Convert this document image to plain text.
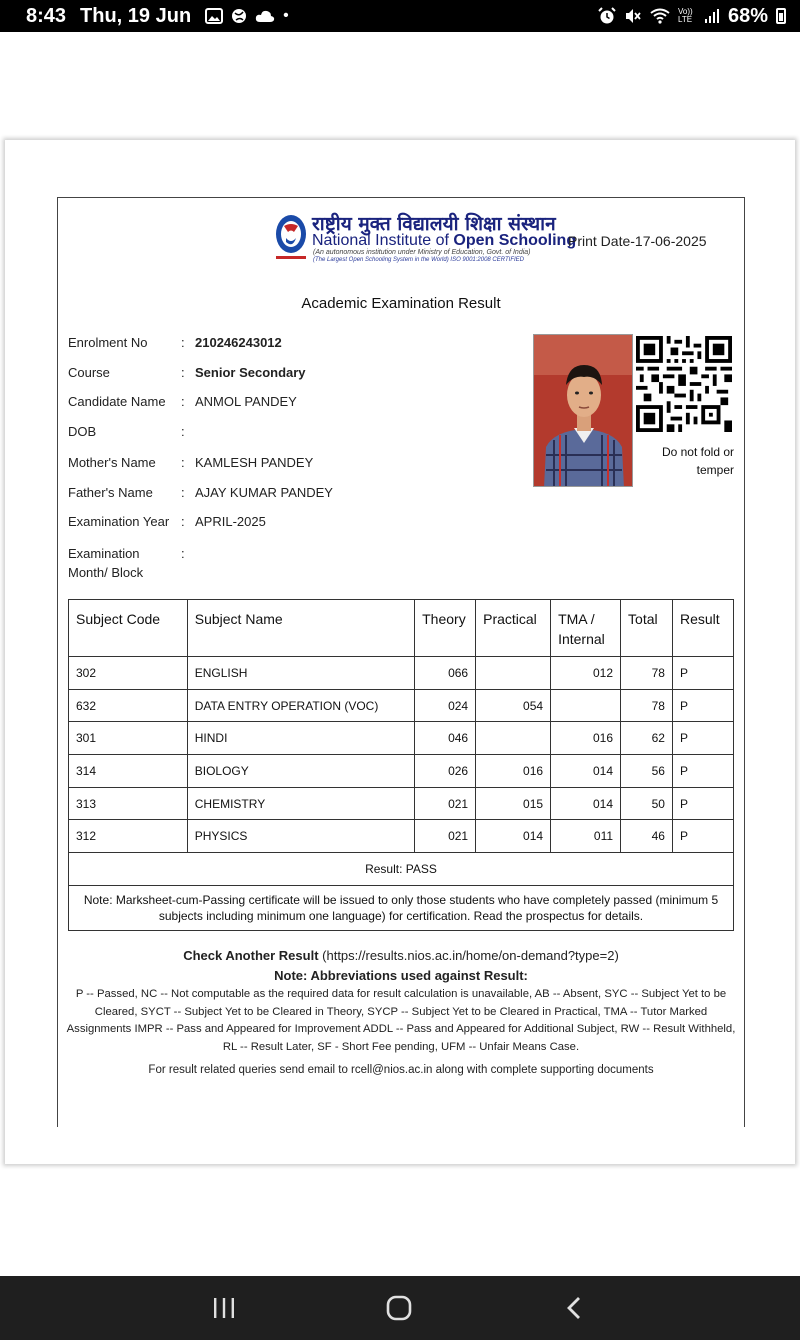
8:43 Thu, 19 Jun	•	Vo)) LTE 68%
राष्ट्रीय मुक्त विद्यालयी शिक्षा संस्थान
National Institute of Open Schooling
(An autonomous institution under Ministry of Education, Govt. of India)
(The Largest Open Schooling System in the World) ISO 9001:2008 CERTIFIED
Print Date-17-06-2025
Academic Examination Result
Enrolment No	: 210246243012
Course	: Senior Secondary
Candidate Name	: ANMOL PANDEY
DOB	:
Mother's Name	: KAMLESH PANDEY
Father's Name	: AJAY KUMAR PANDEY
Examination Year : APRIL-2025
Examination
Month/ Block
:
Do not fold or temper
Subject Code	Subject Name	Theory	Practical	TMA /
Internal	Total	Result
302	ENGLISH	066		012	78	P
632	DATA ENTRY OPERATION (VOC)	024	054		78	P
301	HINDI	046		016	62	P
314	BIOLOGY	026	016	014	56	P
313	CHEMISTRY	021	015	014	50	P
312	PHYSICS	021	014	011	46	P
Result: PASS						
Note: Marksheet-cum-Passing certificate will be issued to only those students who have completely passed (minimum 5 subjects including minimum one language) for certification. Read the prospectus for details.						
Check Another Result (https://results.nios.ac.in/home/on-demand?type=2)
Note: Abbreviations used against Result:
P -- Passed, NC -- Not computable as the required data for result calculation is unavailable, AB -- Absent, SYC -- Subject Yet to be Cleared, SYCT -- Subject Yet to be Cleared in Theory, SYCP -- Subject Yet to be Cleared in Practical, TMA -- Tutor Marked Assignments IMPR -- Pass and Appeared for Improvement ADDL -- Pass and Appeared for Additional Subject, RW -- Result Withheld, RL -- Result Later, SF - Short Fee pending, UFM -- Unfair Means Case.
For result related queries send email to rcell@nios.ac.in along with complete supporting documents
